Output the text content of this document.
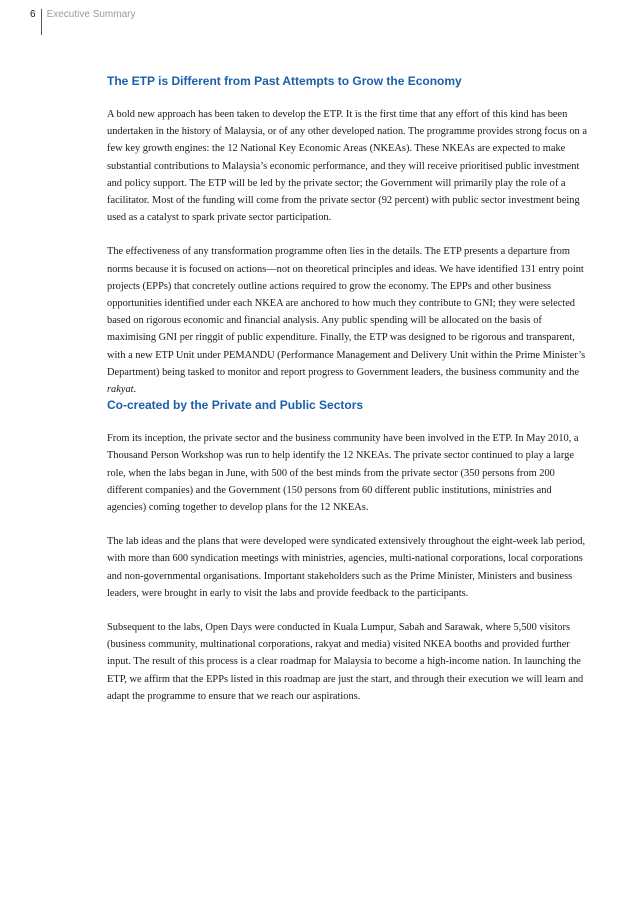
6	Executive Summary
The ETP is Different from Past Attempts to Grow the Economy

A bold new approach has been taken to develop the ETP. It is the first time that any effort of this kind has been undertaken in the history of Malaysia, or of any other developed nation. The programme provides strong focus on a few key growth engines: the 12 National Key Economic Areas (NKEAs). These NKEAs are expected to make substantial contributions to Malaysia’s economic performance, and they will receive prioritised public investment and policy support. The ETP will be led by the private sector; the Government will primarily play the role of a facilitator. Most of the funding will come from the private sector (92 percent) with public sector investment being used as a catalyst to spark private sector participation.

The effectiveness of any transformation programme often lies in the details. The ETP presents a departure from norms because it is focused on actions—not on theoretical principles and ideas. We have identified 131 entry point projects (EPPs) that concretely outline actions required to grow the economy. The EPPs and other business opportunities identified under each NKEA are anchored to how much they contribute to GNI; they were selected based on rigorous economic and financial analysis. Any public spending will be allocated on the basis of maximising GNI per ringgit of public expenditure. Finally, the ETP was designed to be rigorous and transparent, with a new ETP Unit under PEMANDU (Performance Management and Delivery Unit within the Prime Minister’s Department) being tasked to monitor and report progress to Government leaders, the business community and the rakyat.

Co-created by the Private and Public Sectors

From its inception, the private sector and the business community have been involved in the ETP. In May 2010, a Thousand Person Workshop was run to help identify the 12 NKEAs. The private sector continued to play a large role, when the labs began in June, with 500 of the best minds from the private sector (350 persons from 200 different companies) and the Government (150 persons from 60 different public institutions, ministries and agencies) coming together to develop plans for the 12 NKEAs.

The lab ideas and the plans that were developed were syndicated extensively throughout the eight-week lab period, with more than 600 syndication meetings with ministries, agencies, multi-national corporations, local corporations and non-governmental organisations. Important stakeholders such as the Prime Minister, Ministers and business leaders, were brought in early to visit the labs and provide feedback to the participants.

Subsequent to the labs, Open Days were conducted in Kuala Lumpur, Sabah and Sarawak, where 5,500 visitors (business community, multinational corporations, rakyat and media) visited NKEA booths and provided further input. The result of this process is a clear roadmap for Malaysia to become a high-income nation. In launching the ETP, we affirm that the EPPs listed in this roadmap are just the start, and through their execution we will learn and adapt the programme to ensure that we reach our aspirations.
